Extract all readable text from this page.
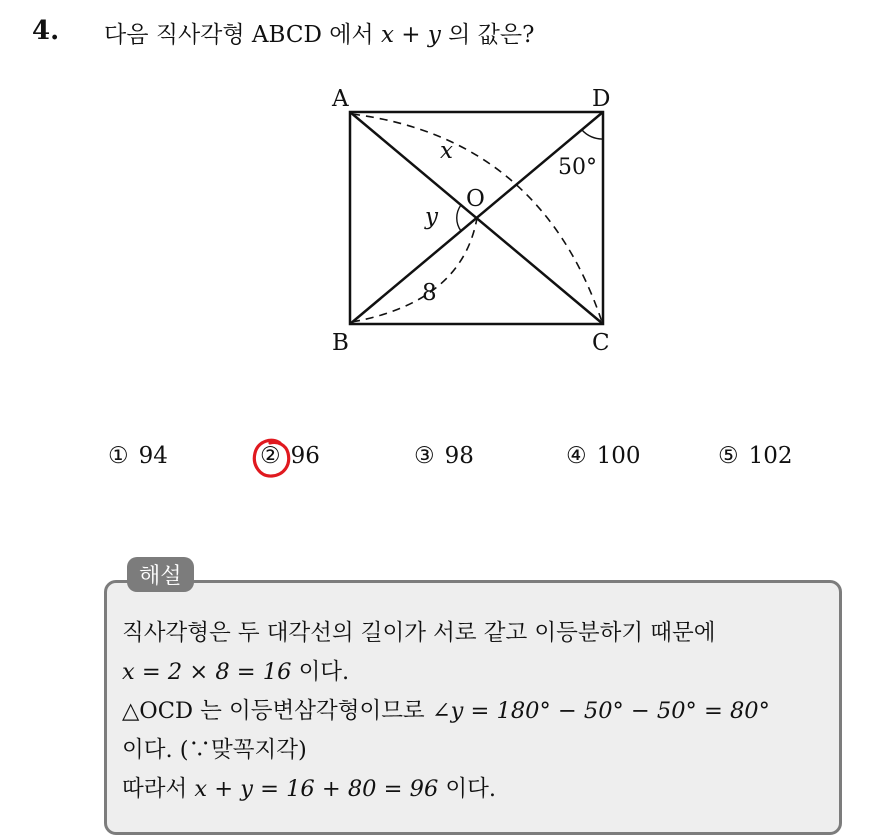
4. 다음 직사각형 ABCD 에서 x + y 의 값은?
A	D
B	C
O
x
y
8
50°
① 94	② 96	③ 98	④ 100	⑤ 102
해설
직사각형은 두 대각선의 길이가 서로 같고 이등분하기 때문에
x = 2 × 8 = 16 이다.
△OCD 는 이등변삼각형이므로 ∠y = 180° − 50° − 50° = 80°
이다. (∵맞꼭지각)
따라서 x + y = 16 + 80 = 96 이다.
